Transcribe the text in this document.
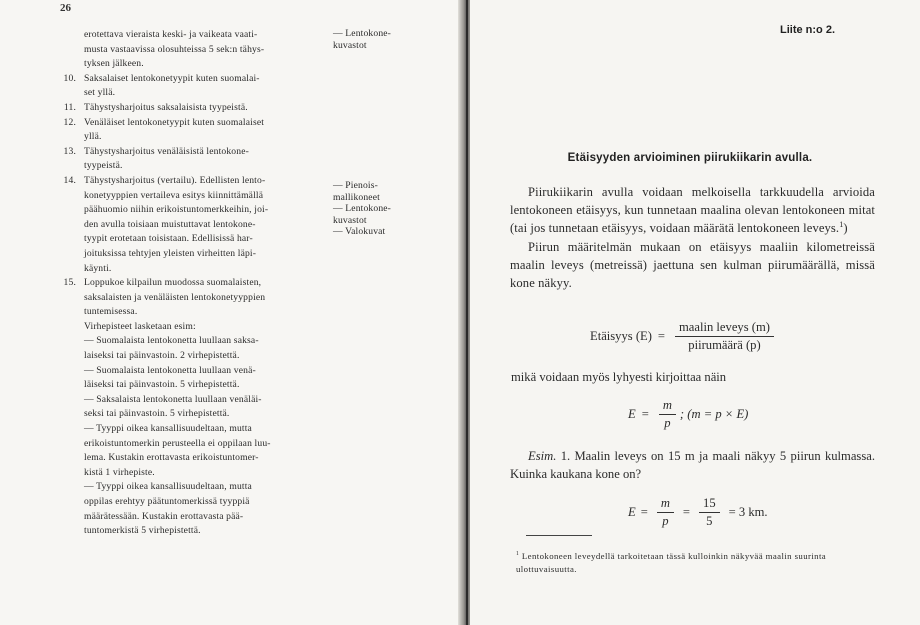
26
erotettava vieraista keski- ja vaikeata vaati-
musta vastaavissa olosuhteissa 5 sek:n tähys-
tyksen jälkeen.
10. Saksalaiset lentokonetyypit kuten suomalai-
set yllä.
11. Tähystysharjoitus saksalaisista tyypeistä.
12. Venäläiset lentokonetyypit kuten suomalaiset
yllä.
13. Tähystysharjoitus venäläisistä lentokone-
tyypeistä.
14. Tähystysharjoitus (vertailu). Edellisten lento-
konetyyppien vertaileva esitys kiinnittämällä
päähuomio niihin erikoistuntomerkkeihin, joi-
den avulla toisiaan muistuttavat lentokone-
tyypit erotetaan toisistaan. Edellisissä har-
joituksissa tehtyjen yleisten virheitten läpi-
käynti.
15. Loppukoe kilpailun muodossa suomalaisten,
saksalaisten ja venäläisten lentokonetyyppien
tuntemisessa.
Virhepisteet lasketaan esim:
— Suomalaista lentokonetta luullaan saksa-
laiseksi tai päinvastoin. 2 virhepistettä.
— Suomalaista lentokonetta luullaan venä-
läiseksi tai päinvastoin. 5 virhepistettä.
— Saksalaista lentokonetta luullaan venäläi-
seksi tai päinvastoin. 5 virhepistettä.
— Tyyppi oikea kansallisuudeltaan, mutta
erikoistuntomerkin perusteella ei oppilaan luu-
lema. Kustakin erottavasta erikoistuntomer-
kistä 1 virhepiste.
— Tyyppi oikea kansallisuudeltaan, mutta
oppilas erehtyy päätuntomerkissä tyyppiä
määrätessään. Kustakin erottavasta pää-
tuntomerkistä 5 virhepistettä.
— Lentokone-
kuvastot
— Pienois-
mallikoneet
— Lentokone-
kuvastot
— Valokuvat
Liite n:o 2.
Etäisyyden arvioiminen piirukiikarin avulla.
Piirukiikarin avulla voidaan melkoisella tarkkuudella arvioida lentokoneen etäisyys, kun tunnetaan maalina olevan lentokoneen mitat (tai jos tunnetaan etäisyys, voidaan määrätä lentokoneen leveys.$^1$)
Piirun määritelmän mukaan on etäisyys maaliin kilometreissä maalin leveys (metreissä) jaettuna sen kulman piirumäärällä, missä kone näkyy.
Etäisyys $(E) = \frac{\text{maalin leveys (m)}}{\text{piirumäärä (p)}}$
mikä voidaan myös lyhyesti kirjoittaa näin
$E = \frac{m}{p}$ ; (m = p × E)
Esim. 1. Maalin leveys on 15 m ja maali näkyy 5 piirun kulmassa. Kuinka kaukana kone on?
$E = \frac{m}{p} = \frac{15}{5} = 3$ km.
$^1$ Lentokoneen leveydellä tarkoitetaan tässä kulloinkin näkyvää maalin suurinta ulottuvaisuutta.
